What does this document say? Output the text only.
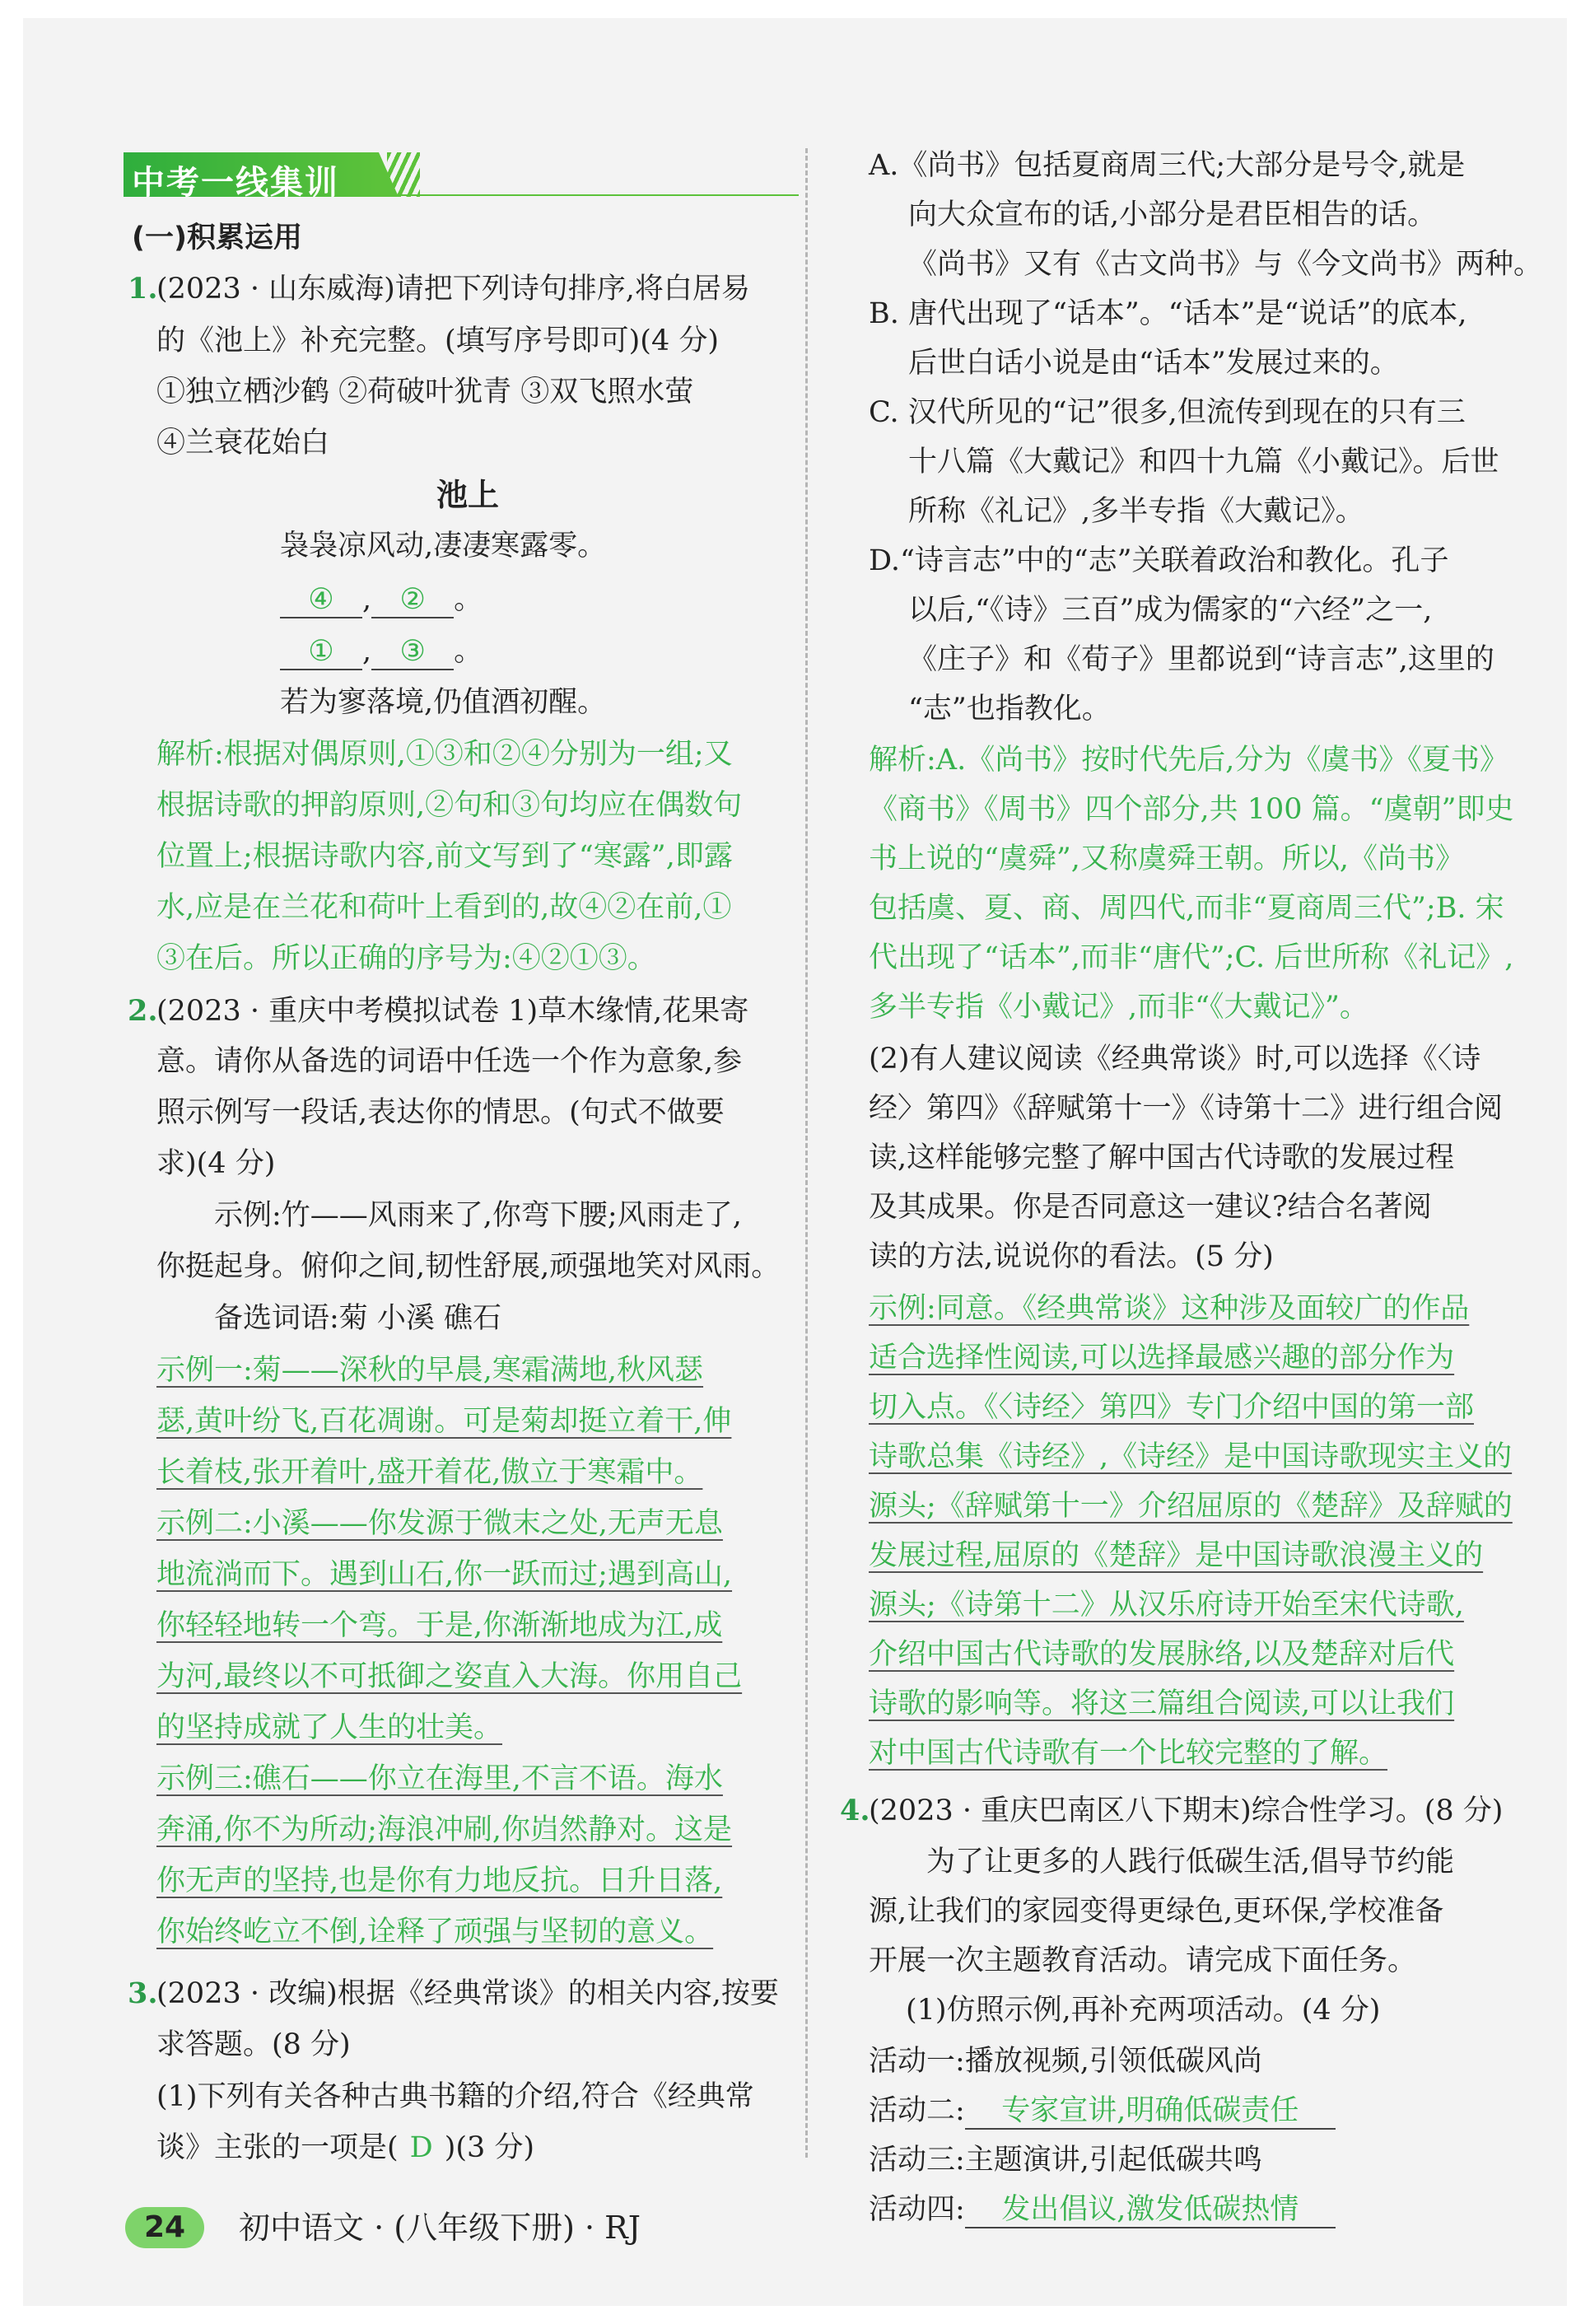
中考一线集训
(一)积累运用
1.
(2023 · 山东威海)请把下列诗句排序,将白居易
的《池上》补充完整。(填写序号即可)(4 分)
①独立栖沙鹤 ②荷破叶犹青 ③双飞照水萤
④兰衰花始白
池上
袅袅凉风动,凄凄寒露零。
④ , ② 。
① , ③ 。
若为寥落境,仍值酒初醒。
解析:根据对偶原则,①③和②④分别为一组;又
根据诗歌的押韵原则,②句和③句均应在偶数句
位置上;根据诗歌内容,前文写到了“寒露”,即露
水,应是在兰花和荷叶上看到的,故④②在前,①
③在后。所以正确的序号为:④②①③。
2.
(2023 · 重庆中考模拟试卷 1)草木缘情,花果寄
意。请你从备选的词语中任选一个作为意象,参
照示例写一段话,表达你的情思。(句式不做要
求)(4 分)
示例:竹——风雨来了,你弯下腰;风雨走了,
你挺起身。俯仰之间,韧性舒展,顽强地笑对风雨。
备选词语:菊 小溪 礁石
示例一:菊——深秋的早晨,寒霜满地,秋风瑟
瑟,黄叶纷飞,百花凋谢。可是菊却挺立着干,伸
长着枝,张开着叶,盛开着花,傲立于寒霜中。
示例二:小溪——你发源于微末之处,无声无息
地流淌而下。遇到山石,你一跃而过;遇到高山,
你轻轻地转一个弯。于是,你渐渐地成为江,成
为河,最终以不可抵御之姿直入大海。你用自己
的坚持成就了人生的壮美。
示例三:礁石——你立在海里,不言不语。海水
奔涌,你不为所动;海浪冲刷,你岿然静对。这是
你无声的坚持,也是你有力地反抗。日升日落,
你始终屹立不倒,诠释了顽强与坚韧的意义。
3.
(2023 · 改编)根据《经典常谈》的相关内容,按要
求答题。(8 分)
(1)下列有关各种古典书籍的介绍,符合《经典常
谈》主张的一项是( D )(3 分)
A.《尚书》包括夏商周三代;大部分是号令,就是
向大众宣布的话,小部分是君臣相告的话。
《尚书》又有《古文尚书》与《今文尚书》两种。
B. 唐代出现了“话本”。“话本”是“说话”的底本,
后世白话小说是由“话本”发展过来的。
C. 汉代所见的“记”很多,但流传到现在的只有三
十八篇《大戴记》和四十九篇《小戴记》。后世
所称《礼记》,多半专指《大戴记》。
D.“诗言志”中的“志”关联着政治和教化。孔子
以后,“《诗》三百”成为儒家的“六经”之一,
《庄子》和《荀子》里都说到“诗言志”,这里的
“志”也指教化。
解析:A.《尚书》按时代先后,分为《虞书》《夏书》
《商书》《周书》四个部分,共 100 篇。“虞朝”即史
书上说的“虞舜”,又称虞舜王朝。所以,《尚书》
包括虞、夏、商、周四代,而非“夏商周三代”;B. 宋
代出现了“话本”,而非“唐代”;C. 后世所称《礼记》,
多半专指《小戴记》,而非“《大戴记》”。
(2)有人建议阅读《经典常谈》时,可以选择《〈诗
经〉第四》《辞赋第十一》《诗第十二》进行组合阅
读,这样能够完整了解中国古代诗歌的发展过程
及其成果。你是否同意这一建议?结合名著阅
读的方法,说说你的看法。(5 分)
示例:同意。《经典常谈》这种涉及面较广的作品
适合选择性阅读,可以选择最感兴趣的部分作为
切入点。《〈诗经〉第四》专门介绍中国的第一部
诗歌总集《诗经》,《诗经》是中国诗歌现实主义的
源头;《辞赋第十一》介绍屈原的《楚辞》及辞赋的
发展过程,屈原的《楚辞》是中国诗歌浪漫主义的
源头;《诗第十二》从汉乐府诗开始至宋代诗歌,
介绍中国古代诗歌的发展脉络,以及楚辞对后代
诗歌的影响等。将这三篇组合阅读,可以让我们
对中国古代诗歌有一个比较完整的了解。
4.
(2023 · 重庆巴南区八下期末)综合性学习。(8 分)
为了让更多的人践行低碳生活,倡导节约能
源,让我们的家园变得更绿色,更环保,学校准备
开展一次主题教育活动。请完成下面任务。
(1)仿照示例,再补充两项活动。(4 分)
活动一:播放视频,引领低碳风尚
活动二: 专家宣讲,明确低碳责任
活动三:主题演讲,引起低碳共鸣
活动四: 发出倡议,激发低碳热情
24	初中语文 · (八年级下册) · RJ
